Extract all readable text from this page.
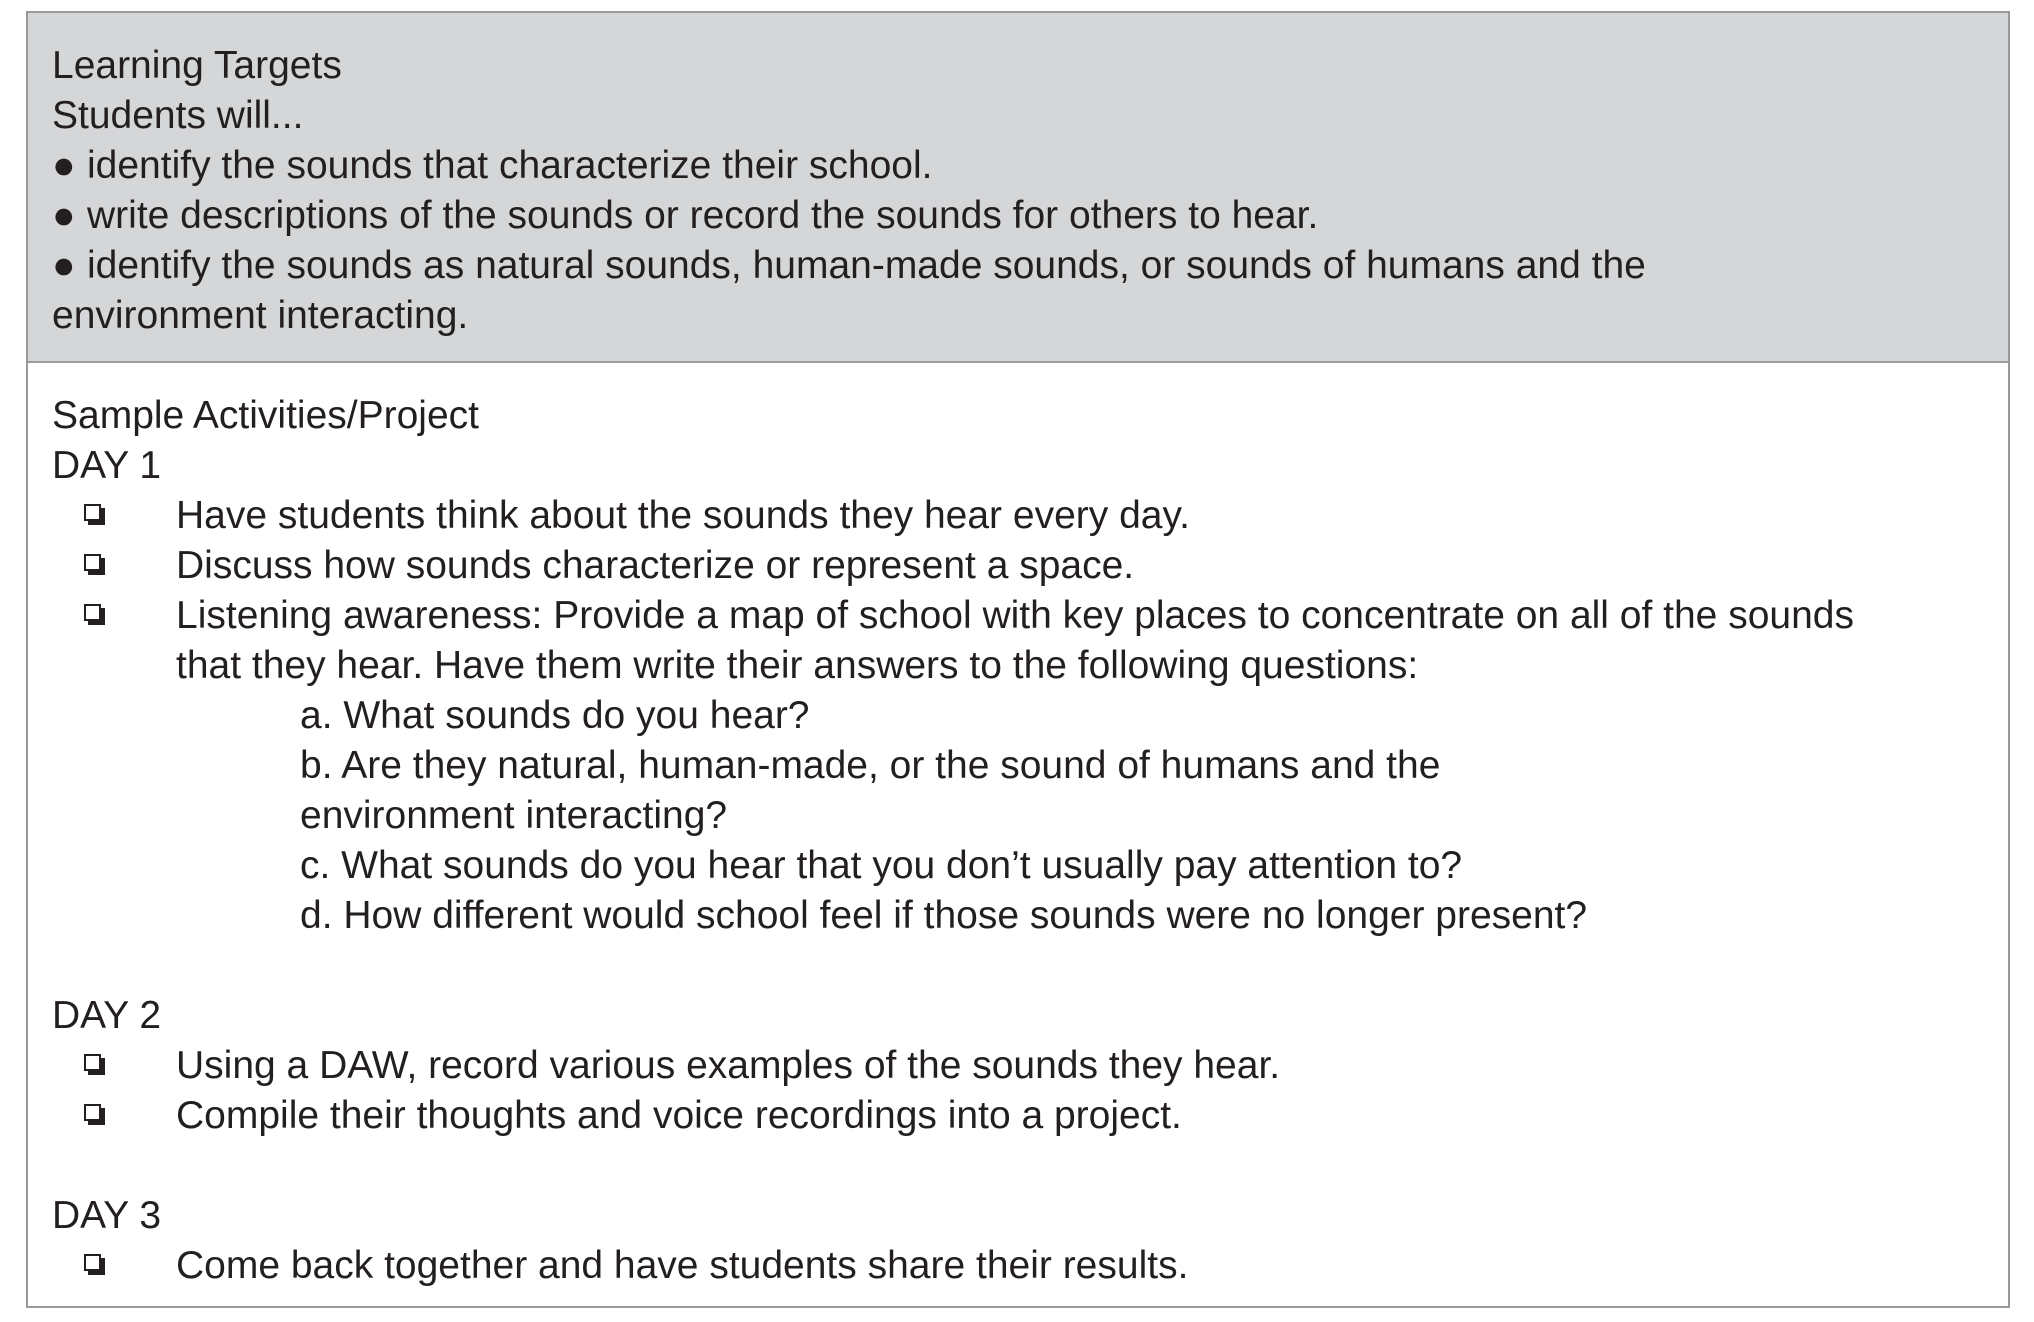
Learning Targets
Students will...
● identify the sounds that characterize their school.
● write descriptions of the sounds or record the sounds for others to hear.
● identify the sounds as natural sounds, human-made sounds, or sounds of humans and the
environment interacting.
Sample Activities/Project
DAY 1
Have students think about the sounds they hear every day.
Discuss how sounds characterize or represent a space.
Listening awareness: Provide a map of school with key places to concentrate on all of the sounds
that they hear. Have them write their answers to the following questions:
a. What sounds do you hear?
b. Are they natural, human-made, or the sound of humans and the
environment interacting?
c. What sounds do you hear that you don’t usually pay attention to?
d. How different would school feel if those sounds were no longer present?
DAY 2
Using a DAW, record various examples of the sounds they hear.
Compile their thoughts and voice recordings into a project.
DAY 3
Come back together and have students share their results.
